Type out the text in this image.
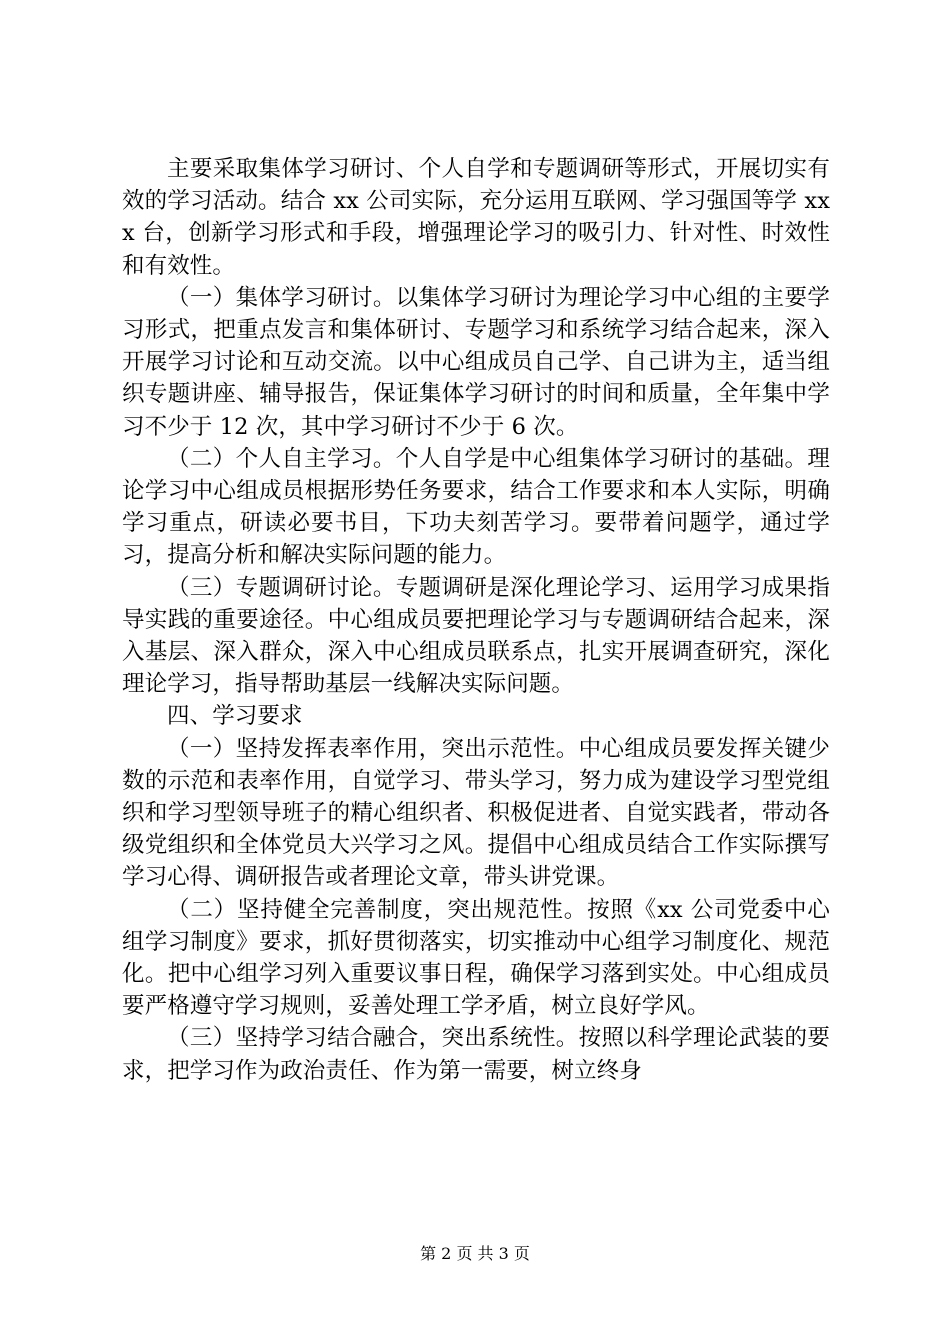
主要采取集体学习研讨、个人自学和专题调研等形式，开展切实有效的学习活动。结合 xx 公司实际，充分运用互联网、学习强国等学 xxx 台，创新学习形式和手段，增强理论学习的吸引力、针对性、时效性和有效性。

（一）集体学习研讨。以集体学习研讨为理论学习中心组的主要学习形式，把重点发言和集体研讨、专题学习和系统学习结合起来，深入开展学习讨论和互动交流。以中心组成员自己学、自己讲为主，适当组织专题讲座、辅导报告，保证集体学习研讨的时间和质量，全年集中学习不少于 12 次，其中学习研讨不少于 6 次。

（二）个人自主学习。个人自学是中心组集体学习研讨的基础。理论学习中心组成员根据形势任务要求，结合工作要求和本人实际，明确学习重点，研读必要书目，下功夫刻苦学习。要带着问题学，通过学习，提高分析和解决实际问题的能力。

（三）专题调研讨论。专题调研是深化理论学习、运用学习成果指导实践的重要途径。中心组成员要把理论学习与专题调研结合起来，深入基层、深入群众，深入中心组成员联系点，扎实开展调查研究，深化理论学习，指导帮助基层一线解决实际问题。

四、学习要求

（一）坚持发挥表率作用，突出示范性。中心组成员要发挥关键少数的示范和表率作用，自觉学习、带头学习，努力成为建设学习型党组织和学习型领导班子的精心组织者、积极促进者、自觉实践者，带动各级党组织和全体党员大兴学习之风。提倡中心组成员结合工作实际撰写学习心得、调研报告或者理论文章，带头讲党课。

（二）坚持健全完善制度，突出规范性。按照《xx 公司党委中心组学习制度》要求，抓好贯彻落实，切实推动中心组学习制度化、规范化。把中心组学习列入重要议事日程，确保学习落到实处。中心组成员要严格遵守学习规则，妥善处理工学矛盾，树立良好学风。

（三）坚持学习结合融合，突出系统性。按照以科学理论武装的要求，把学习作为政治责任、作为第一需要，树立终身

第 2 页 共 3 页
